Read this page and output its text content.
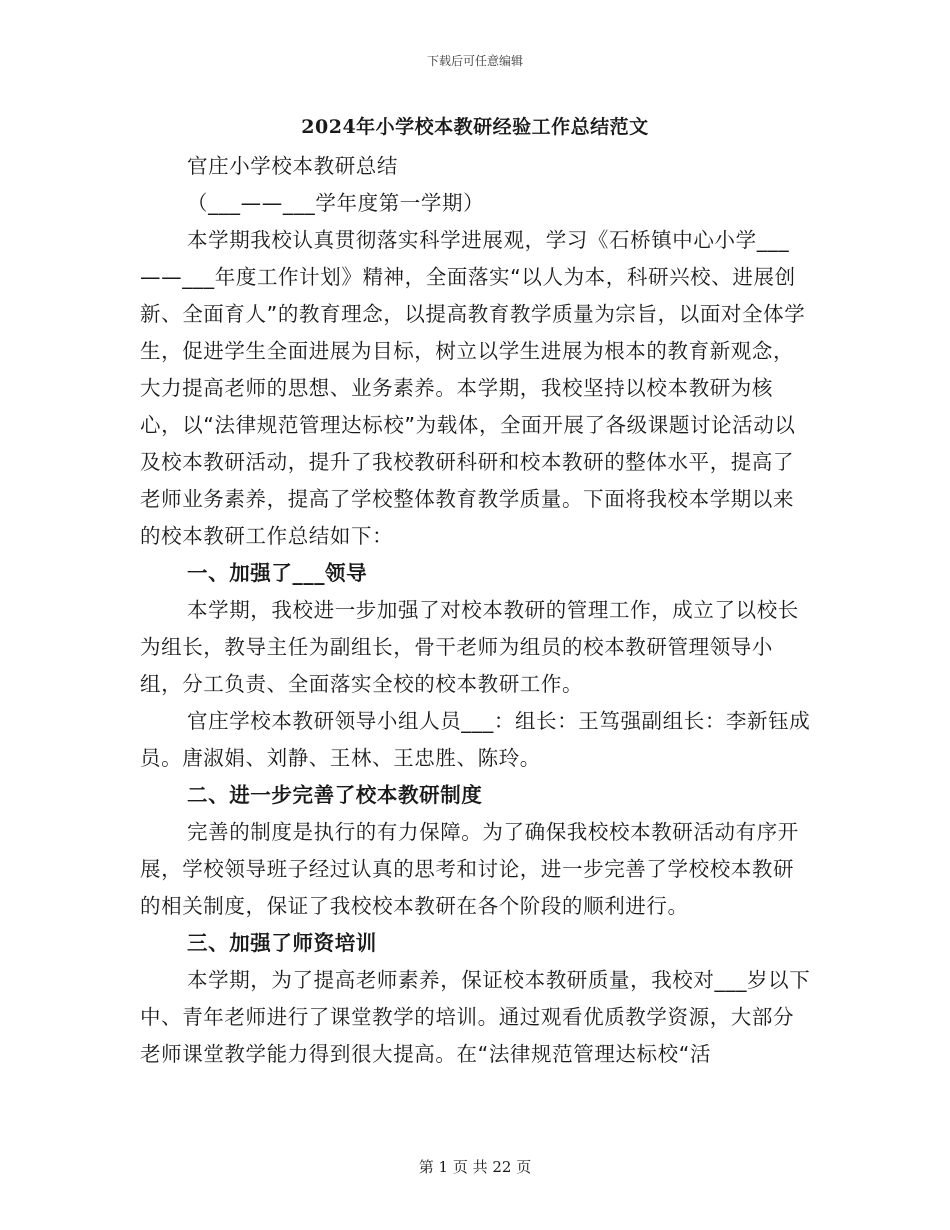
下载后可任意编辑
2024年小学校本教研经验工作总结范文

官庄小学校本教研总结

（___——___学年度第一学期）

本学期我校认真贯彻落实科学进展观，学习《石桥镇中心小学___——___年度工作计划》精神，全面落实“以人为本，科研兴校、进展创新、全面育人”的教育理念，以提高教育教学质量为宗旨，以面对全体学生，促进学生全面进展为目标，树立以学生进展为根本的教育新观念，大力提高老师的思想、业务素养。本学期，我校坚持以校本教研为核心，以“法律规范管理达标校”为载体，全面开展了各级课题讨论活动以及校本教研活动，提升了我校教研科研和校本教研的整体水平，提高了老师业务素养，提高了学校整体教育教学质量。下面将我校本学期以来的校本教研工作总结如下：

一、加强了___领导

本学期，我校进一步加强了对校本教研的管理工作，成立了以校长为组长，教导主任为副组长，骨干老师为组员的校本教研管理领导小组，分工负责、全面落实全校的校本教研工作。

官庄学校本教研领导小组人员___：组长：王笃强副组长：李新钰成员。唐淑娟、刘静、王林、王忠胜、陈玲。

二、进一步完善了校本教研制度

完善的制度是执行的有力保障。为了确保我校校本教研活动有序开展，学校领导班子经过认真的思考和讨论，进一步完善了学校校本教研的相关制度，保证了我校校本教研在各个阶段的顺利进行。

三、加强了师资培训

本学期，为了提高老师素养，保证校本教研质量，我校对___岁以下中、青年老师进行了课堂教学的培训。通过观看优质教学资源，大部分老师课堂教学能力得到很大提高。在“法律规范管理达标校“活

第 1 页 共 22 页
